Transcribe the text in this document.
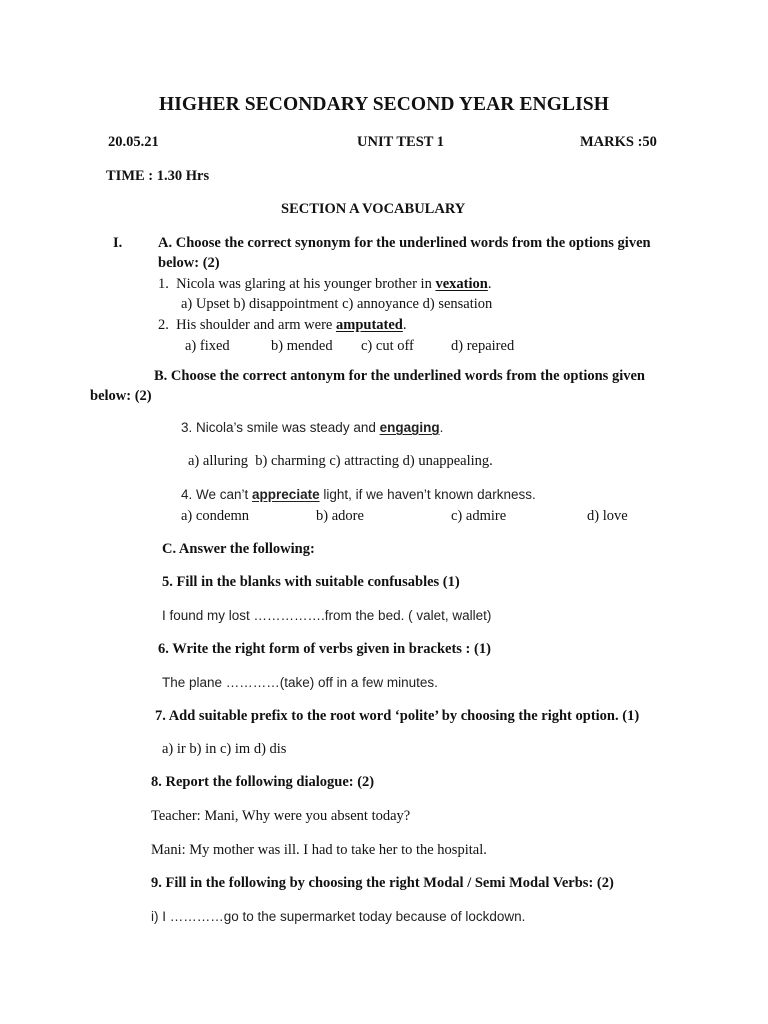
HIGHER SECONDARY SECOND YEAR ENGLISH
20.05.21	UNIT TEST 1	MARKS :50
TIME : 1.30 Hrs
SECTION A VOCABULARY
I. A. Choose the correct synonym for the underlined words from the options given
below: (2)
1. Nicola was glaring at his younger brother in vexation.
a) Upset b) disappointment c) annoyance d) sensation
2. His shoulder and arm were amputated.
a) fixed	b) mended c) cut off	d) repaired
B. Choose the correct antonym for the underlined words from the options given
below: (2)
3. Nicola’s smile was steady and engaging.
a) alluring b) charming c) attracting d) unappealing.
4. We can’t appreciate light, if we haven’t known darkness.
a) condemn	b) adore	c) admire	d) love
C. Answer the following:
5. Fill in the blanks with suitable confusables (1)
I found my lost …………….from the bed. ( valet, wallet)
6. Write the right form of verbs given in brackets : (1)
The plane …………(take) off in a few minutes.
7. Add suitable prefix to the root word ‘polite’ by choosing the right option. (1)
a) ir b) in c) im d) dis
8. Report the following dialogue: (2)
Teacher: Mani, Why were you absent today?
Mani: My mother was ill. I had to take her to the hospital.
9. Fill in the following by choosing the right Modal / Semi Modal Verbs: (2)
i) I …………go to the supermarket today because of lockdown.
